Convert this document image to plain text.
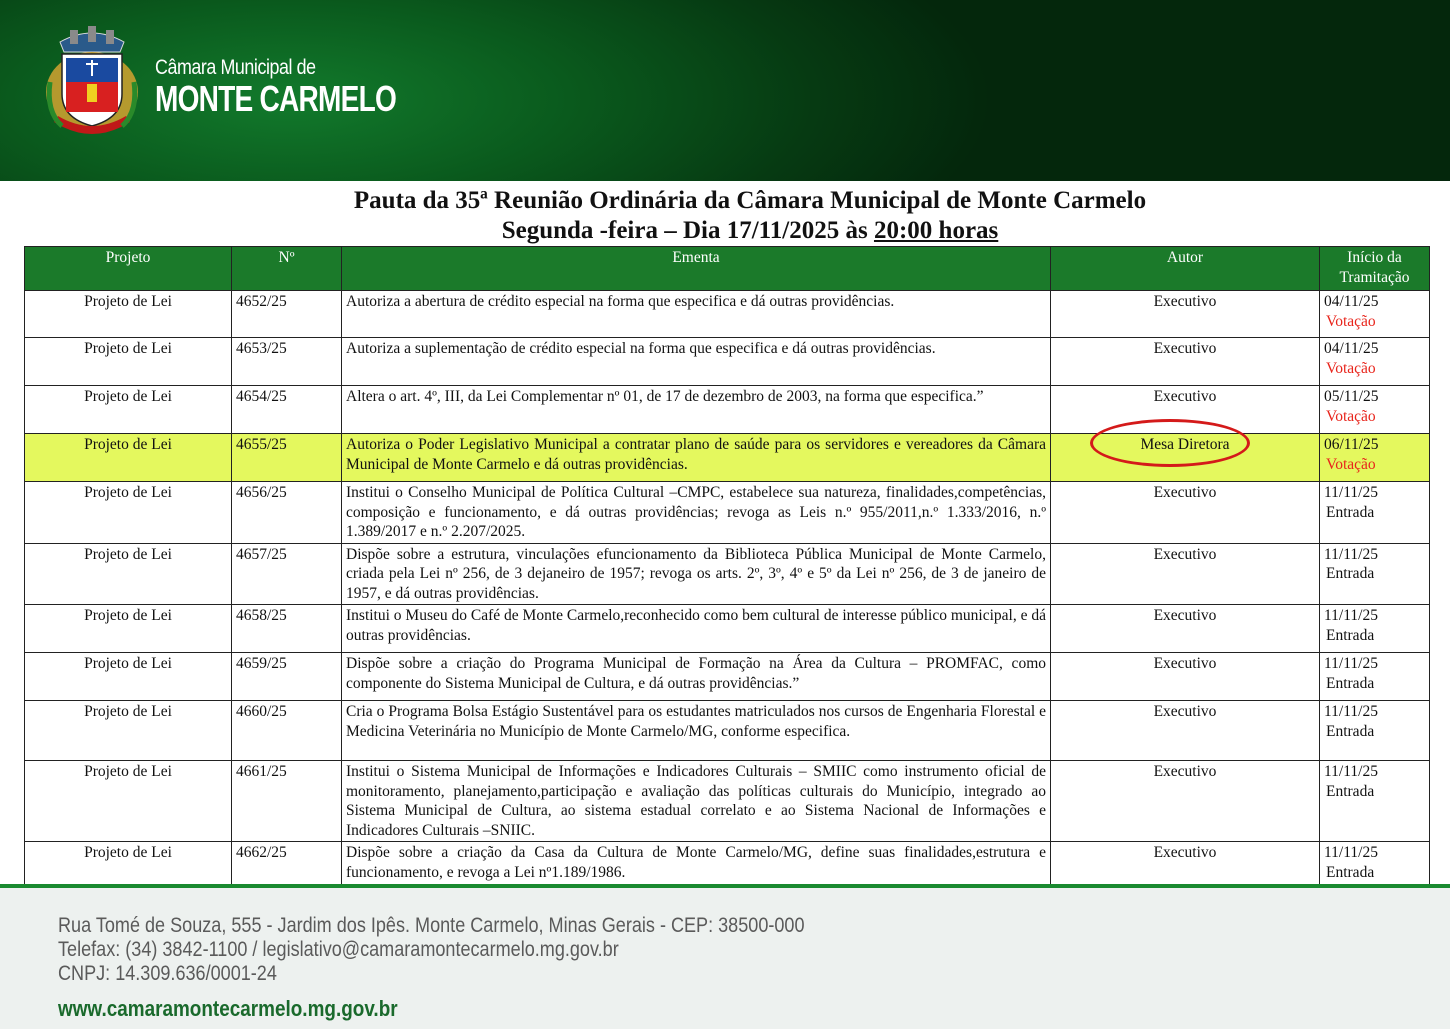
Câmara Municipal de
MONTE CARMELO
Pauta da 35ª Reunião Ordinária da Câmara Municipal de Monte Carmelo
Segunda -feira – Dia 17/11/2025 às 20:00 horas
Projeto	Nº	Ementa	Autor	Início da Tramitação
Projeto de Lei	4652/25	Autoriza a abertura de crédito especial na forma que especifica e dá outras providências.	Executivo	04/11/25
Votação

Projeto de Lei	4653/25	Autoriza a suplementação de crédito especial na forma que especifica e dá outras providências.	Executivo	04/11/25
Votação

Projeto de Lei	4654/25	Altera o art. 4º, III, da Lei Complementar nº 01, de 17 de dezembro de 2003, na forma que especifica.”	Executivo	05/11/25
Votação

Projeto de Lei	4655/25	Autoriza o Poder Legislativo Municipal a contratar plano de saúde para os servidores e vereadores da Câmara Municipal de Monte Carmelo e dá outras providências.	Mesa Diretora	06/11/25
Votação

Projeto de Lei	4656/25	Institui o Conselho Municipal de Política Cultural –CMPC, estabelece sua natureza, finalidades,competências, composição e funcionamento, e dá outras providências; revoga as Leis n.º 955/2011,n.º 1.333/2016, n.º 1.389/2017 e n.º 2.207/2025.	Executivo	11/11/25
Entrada

Projeto de Lei	4657/25	Dispõe sobre a estrutura, vinculações efuncionamento da Biblioteca Pública Municipal de Monte Carmelo, criada pela Lei nº 256, de 3 dejaneiro de 1957; revoga os arts. 2º, 3º, 4º e 5º da Lei nº 256, de 3 de janeiro de 1957, e dá outras providências.	Executivo	11/11/25
Entrada

Projeto de Lei	4658/25	Institui o Museu do Café de Monte Carmelo,reconhecido como bem cultural de interesse público municipal, e dá outras providências.	Executivo	11/11/25
Entrada

Projeto de Lei	4659/25	Dispõe sobre a criação do Programa Municipal de Formação na Área da Cultura – PROMFAC, como componente do Sistema Municipal de Cultura, e dá outras providências.”	Executivo	11/11/25
Entrada

Projeto de Lei	4660/25	Cria o Programa Bolsa Estágio Sustentável para os estudantes matriculados nos cursos de Engenharia Florestal e Medicina Veterinária no Município de Monte Carmelo/MG, conforme especifica.	Executivo	11/11/25
Entrada

Projeto de Lei	4661/25	Institui o Sistema Municipal de Informações e Indicadores Culturais – SMIIC como instrumento oficial de monitoramento, planejamento,participação e avaliação das políticas culturais do Município, integrado ao Sistema Municipal de Cultura, ao sistema estadual correlato e ao Sistema Nacional de Informações e Indicadores Culturais –SNIIC.	Executivo	11/11/25
Entrada

Projeto de Lei	4662/25	Dispõe sobre a criação da Casa da Cultura de Monte Carmelo/MG, define suas finalidades,estrutura e funcionamento, e revoga a Lei nº1.189/1986.	Executivo	11/11/25
Entrada
Rua Tomé de Souza, 555 - Jardim dos Ipês. Monte Carmelo, Minas Gerais - CEP: 38500-000
Telefax: (34) 3842-1100 / legislativo@camaramontecarmelo.mg.gov.br
CNPJ: 14.309.636/0001-24
www.camaramontecarmelo.mg.gov.br
